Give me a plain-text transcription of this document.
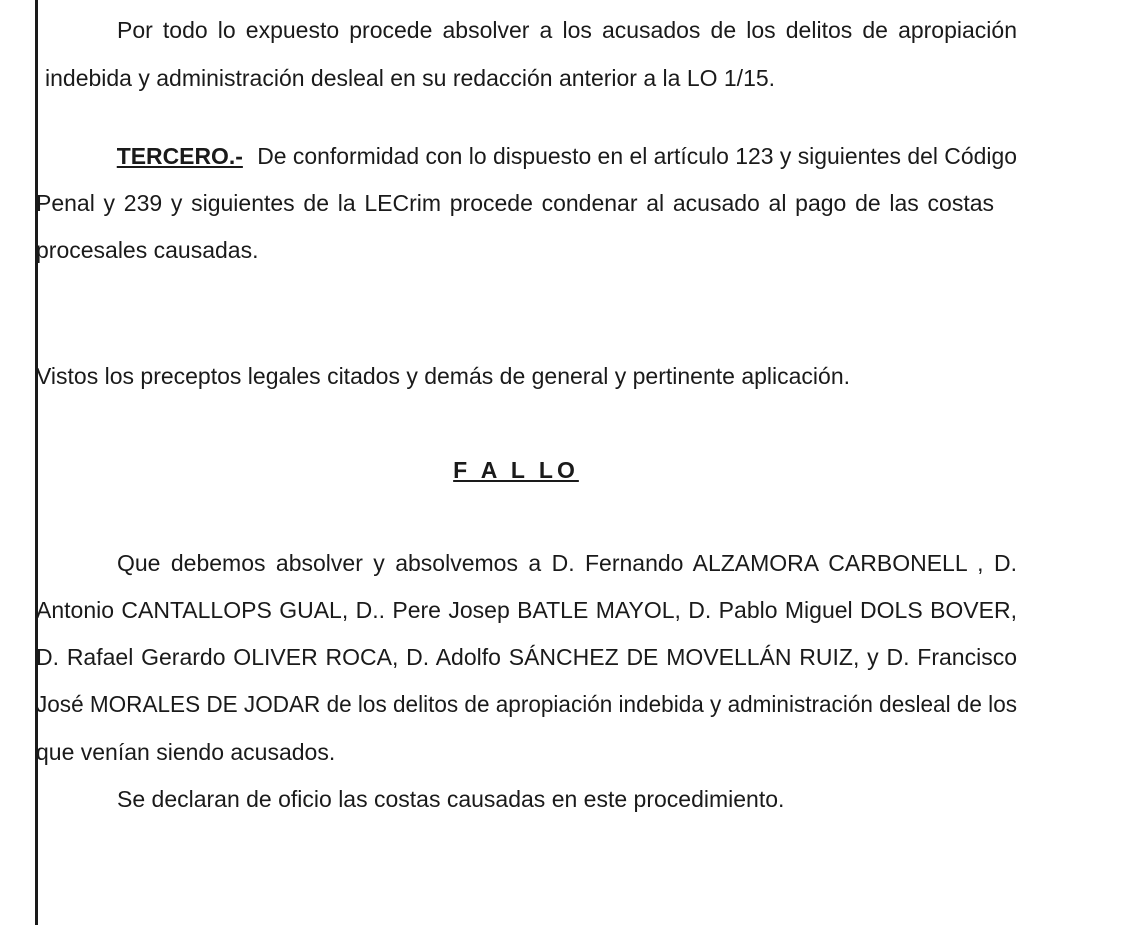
Por todo lo expuesto procede absolver a los acusados de los delitos de apropiación
indebida y administración desleal en su redacción anterior a la LO 1/15.
TERCERO.- De conformidad con lo dispuesto en el artículo 123 y siguientes del Código
Penal y 239 y siguientes de la LECrim procede condenar al acusado al pago de las costas
procesales causadas.
Vistos los preceptos legales citados y demás de general y pertinente aplicación.
F A L LO
Que debemos absolver y absolvemos a D. Fernando ALZAMORA CARBONELL , D.
Antonio CANTALLOPS GUAL, D.. Pere Josep BATLE MAYOL, D. Pablo Miguel DOLS BOVER,
D. Rafael Gerardo OLIVER ROCA, D. Adolfo SÁNCHEZ DE MOVELLÁN RUIZ, y D. Francisco
José MORALES DE JODAR de los delitos de apropiación indebida y administración desleal de los
que venían siendo acusados.
Se declaran de oficio las costas causadas en este procedimiento.
